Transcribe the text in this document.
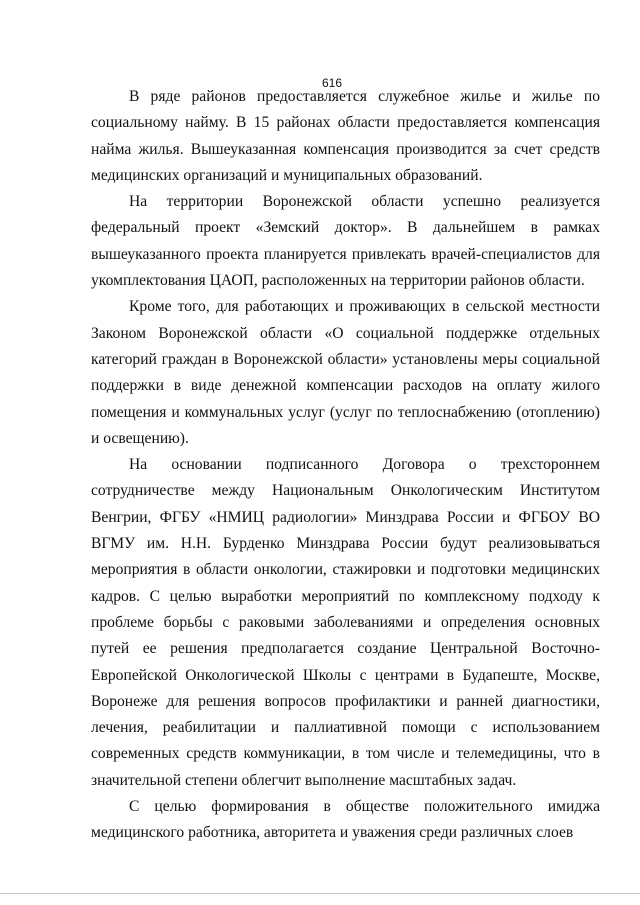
616

В ряде районов предоставляется служебное жилье и жилье по социальному найму. В 15 районах области предоставляется компенсация найма жилья. Вышеуказанная компенсация производится за счет средств медицинских организаций и муниципальных образований.

На территории Воронежской области успешно реализуется федеральный проект «Земский доктор». В дальнейшем в рамках вышеуказанного проекта планируется привлекать врачей-специалистов для укомплектования ЦАОП, расположенных на территории районов области.

Кроме того, для работающих и проживающих в сельской местности Законом Воронежской области «О социальной поддержке отдельных категорий граждан в Воронежской области» установлены меры социальной поддержки в виде денежной компенсации расходов на оплату жилого помещения и коммунальных услуг (услуг по теплоснабжению (отоплению) и освещению).

На основании подписанного Договора о трехстороннем сотрудничестве между Национальным Онкологическим Институтом Венгрии, ФГБУ «НМИЦ радиологии» Минздрава России и ФГБОУ ВО ВГМУ им. Н.Н. Бурденко Минздрава России будут реализовываться мероприятия в области онкологии, стажировки и подготовки медицинских кадров. С целью выработки мероприятий по комплексному подходу к проблеме борьбы с раковыми заболеваниями и определения основных путей ее решения предполагается создание Центральной Восточно-Европейской Онкологической Школы с центрами в Будапеште, Москве, Воронеже для решения вопросов профилактики и ранней диагностики, лечения, реабилитации и паллиативной помощи с использованием современных средств коммуникации, в том числе и телемедицины, что в значительной степени облегчит выполнение масштабных задач.

С целью формирования в обществе положительного имиджа медицинского работника, авторитета и уважения среди различных слоев
